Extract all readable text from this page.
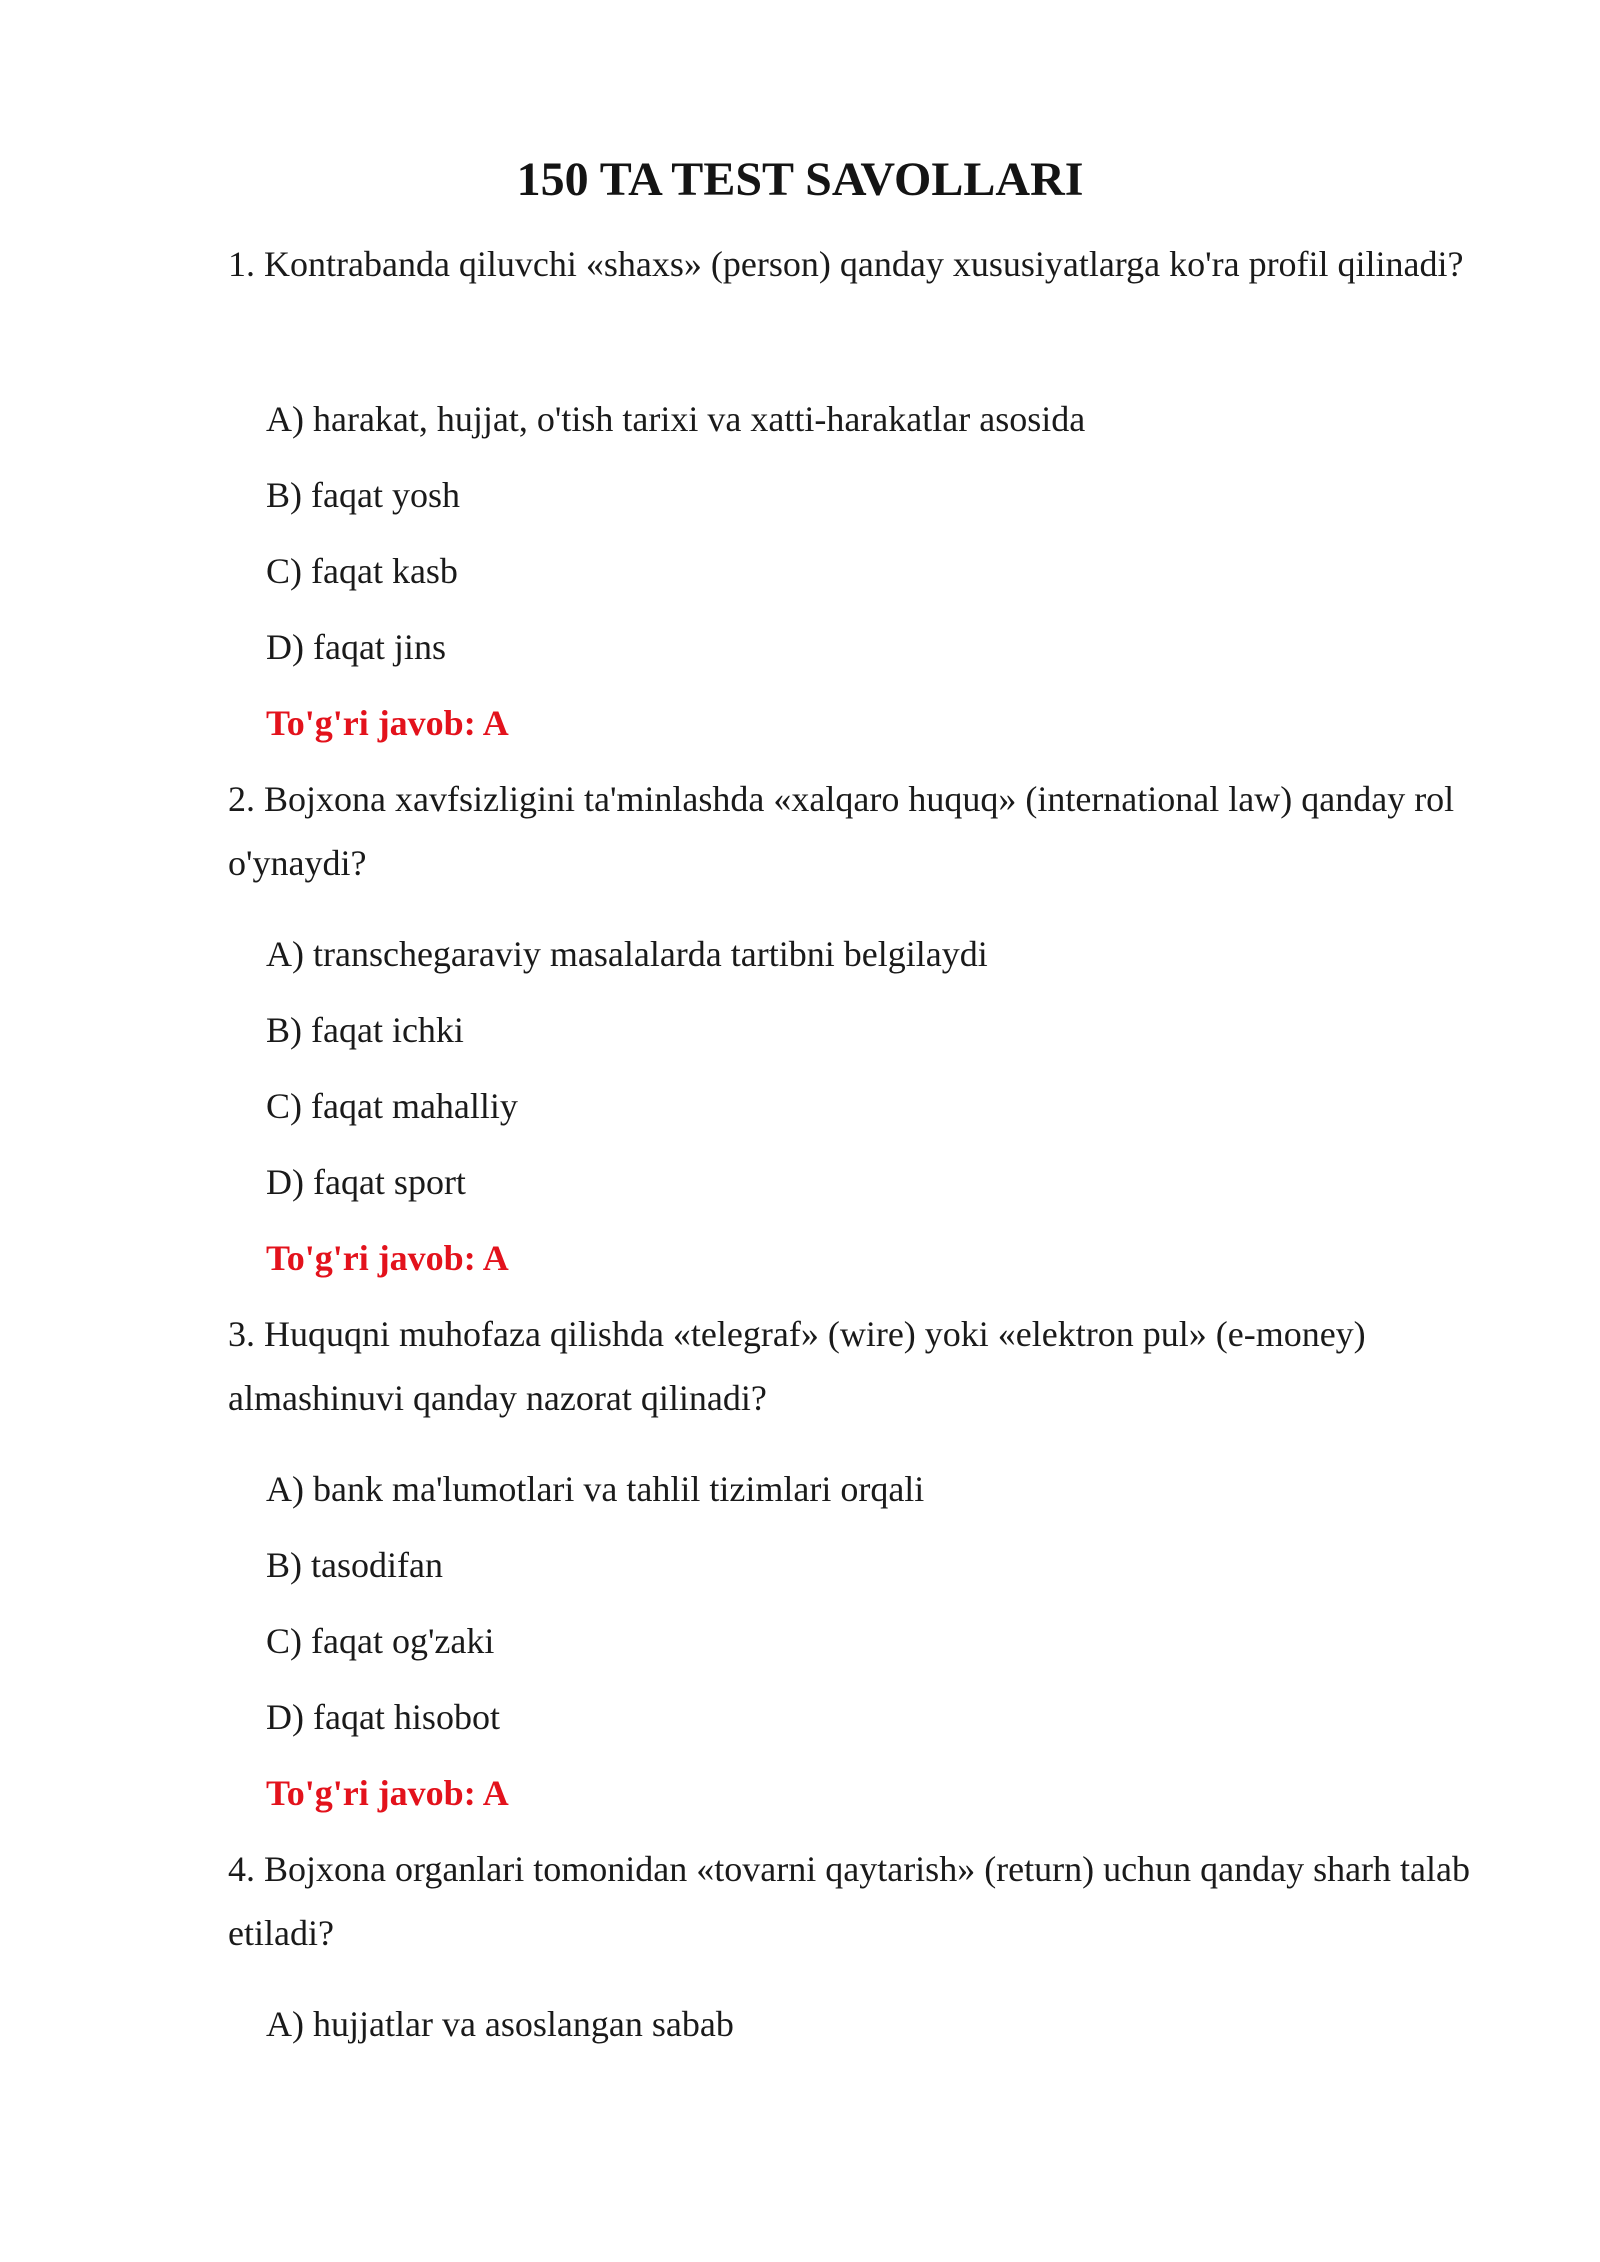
150 TA TEST SAVOLLARI
1. Kontrabanda qiluvchi «shaxs» (person) qanday xususiyatlarga ko'ra profil qilinadi?
A) harakat, hujjat, o'tish tarixi va xatti-harakatlar asosida
B) faqat yosh
C) faqat kasb
D) faqat jins
To'g'ri javob: A
2. Bojxona xavfsizligini ta'minlashda «xalqaro huquq» (international law) qanday rol o'ynaydi?
A) transchegaraviy masalalarda tartibni belgilaydi
B) faqat ichki
C) faqat mahalliy
D) faqat sport
To'g'ri javob: A
3. Huquqni muhofaza qilishda «telegraf» (wire) yoki «elektron pul» (e-money) almashinuvi qanday nazorat qilinadi?
A) bank ma'lumotlari va tahlil tizimlari orqali
B) tasodifan
C) faqat og'zaki
D) faqat hisobot
To'g'ri javob: A
4. Bojxona organlari tomonidan «tovarni qaytarish» (return) uchun qanday sharh talab etiladi?
A) hujjatlar va asoslangan sabab
